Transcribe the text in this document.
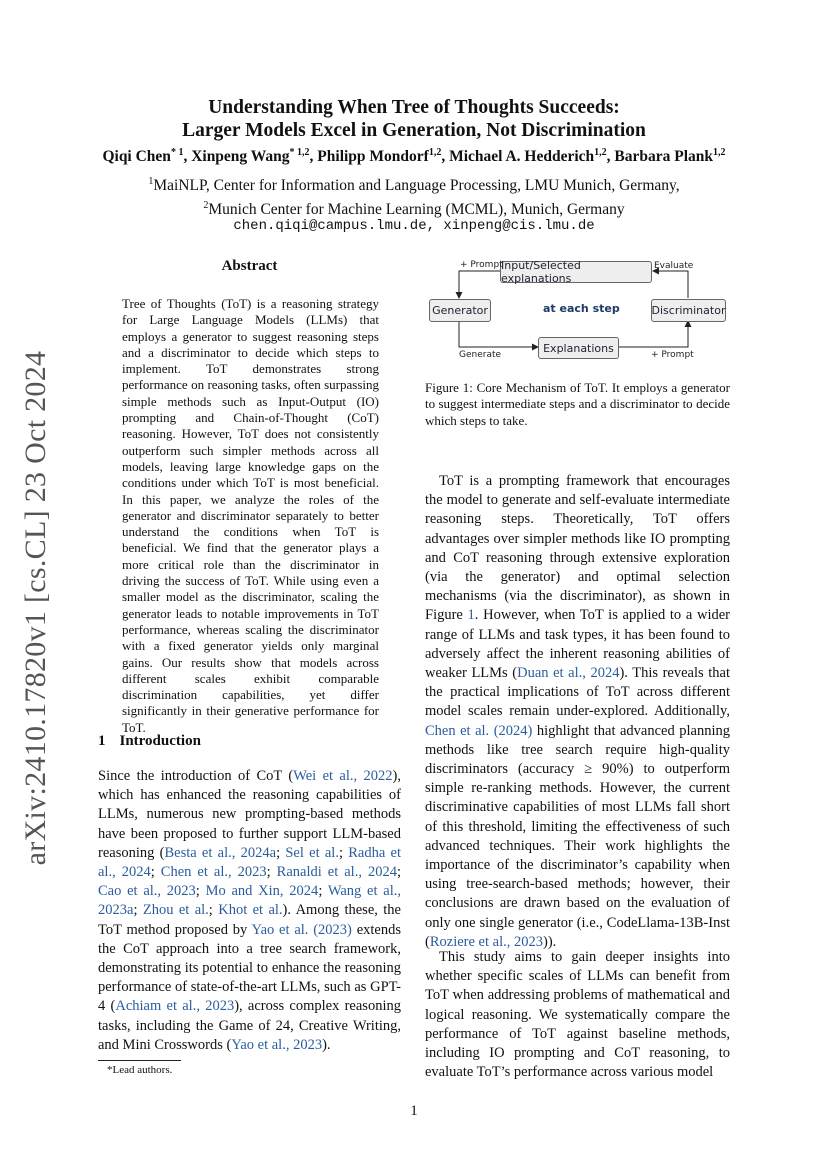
arXiv:2410.17820v1 [cs.CL] 23 Oct 2024
Understanding When Tree of Thoughts Succeeds:
Larger Models Excel in Generation, Not Discrimination
Qiqi Chen$^{* 1}$, Xinpeng Wang$^{* 1,2}$, Philipp Mondorf$^{1,2}$, Michael A. Hedderich$^{1,2}$, Barbara Plank$^{1,2}$
$^1$MaiNLP, Center for Information and Language Processing, LMU Munich, Germany,
$^2$Munich Center for Machine Learning (MCML), Munich, Germany
chen.qiqi@campus.lmu.de, xinpeng@cis.lmu.de
Abstract

Tree of Thoughts (ToT) is a reasoning strategy for Large Language Models (LLMs) that employs a generator to suggest reasoning steps and a discriminator to decide which steps to implement. ToT demonstrates strong performance on reasoning tasks, often surpassing simple methods such as Input-Output (IO) prompting and Chain-of-Thought (CoT) reasoning. However, ToT does not consistently outperform such simpler methods across all models, leaving large knowledge gaps on the conditions under which ToT is most beneficial. In this paper, we analyze the roles of the generator and discriminator separately to better understand the conditions when ToT is beneficial. We find that the generator plays a more critical role than the discriminator in driving the success of ToT. While using even a smaller model as the discriminator, scaling the generator leads to notable improvements in ToT performance, whereas scaling the discriminator with a fixed generator yields only marginal gains. Our results show that models across different scales exhibit comparable discrimination capabilities, yet differ significantly in their generative performance for ToT.

1 Introduction

Since the introduction of CoT (Wei et al., 2022), which has enhanced the reasoning capabilities of LLMs, numerous new prompting-based methods have been proposed to further support LLM-based reasoning (Besta et al., 2024a; Sel et al.; Radha et al., 2024; Chen et al., 2023; Ranaldi et al., 2024; Cao et al., 2023; Mo and Xin, 2024; Wang et al., 2023a; Zhou et al.; Khot et al.). Among these, the ToT method proposed by Yao et al. (2023) extends the CoT approach into a tree search framework, demonstrating its potential to enhance the reasoning performance of state-of-the-art LLMs, such as GPT-4 (Achiam et al., 2023), across complex reasoning tasks, including the Game of 24, Creative Writing, and Mini Crosswords (Yao et al., 2023).

Input/Selected explanations
Generator	Discriminator
Explanations
at each step
+ Prompt	Evaluate
Generate	+ Prompt

Figure 1: Core Mechanism of ToT. It employs a generator to suggest intermediate steps and a discriminator to decide which steps to take.

ToT is a prompting framework that encourages the model to generate and self-evaluate intermediate reasoning steps. Theoretically, ToT offers advantages over simpler methods like IO prompting and CoT reasoning through extensive exploration (via the generator) and optimal selection mechanisms (via the discriminator), as shown in Figure 1. However, when ToT is applied to a wider range of LLMs and task types, it has been found to adversely affect the inherent reasoning abilities of weaker LLMs (Duan et al., 2024). This reveals that the practical implications of ToT across different model scales remain under-explored. Additionally, Chen et al. (2024) highlight that advanced planning methods like tree search require high-quality discriminators (accuracy ≥ 90%) to outperform simple re-ranking methods. However, the current discriminative capabilities of most LLMs fall short of this threshold, limiting the effectiveness of such advanced techniques. Their work highlights the importance of the discriminator’s capability when using tree-search-based methods; however, their conclusions are drawn based on the evaluation of only one single generator (i.e., CodeLlama-13B-Inst (Roziere et al., 2023)).

This study aims to gain deeper insights into whether specific scales of LLMs can benefit from ToT when addressing problems of mathematical and logical reasoning. We systematically compare the performance of ToT against baseline methods, including IO prompting and CoT reasoning, to evaluate ToT’s performance across various model

*Lead authors.
1
